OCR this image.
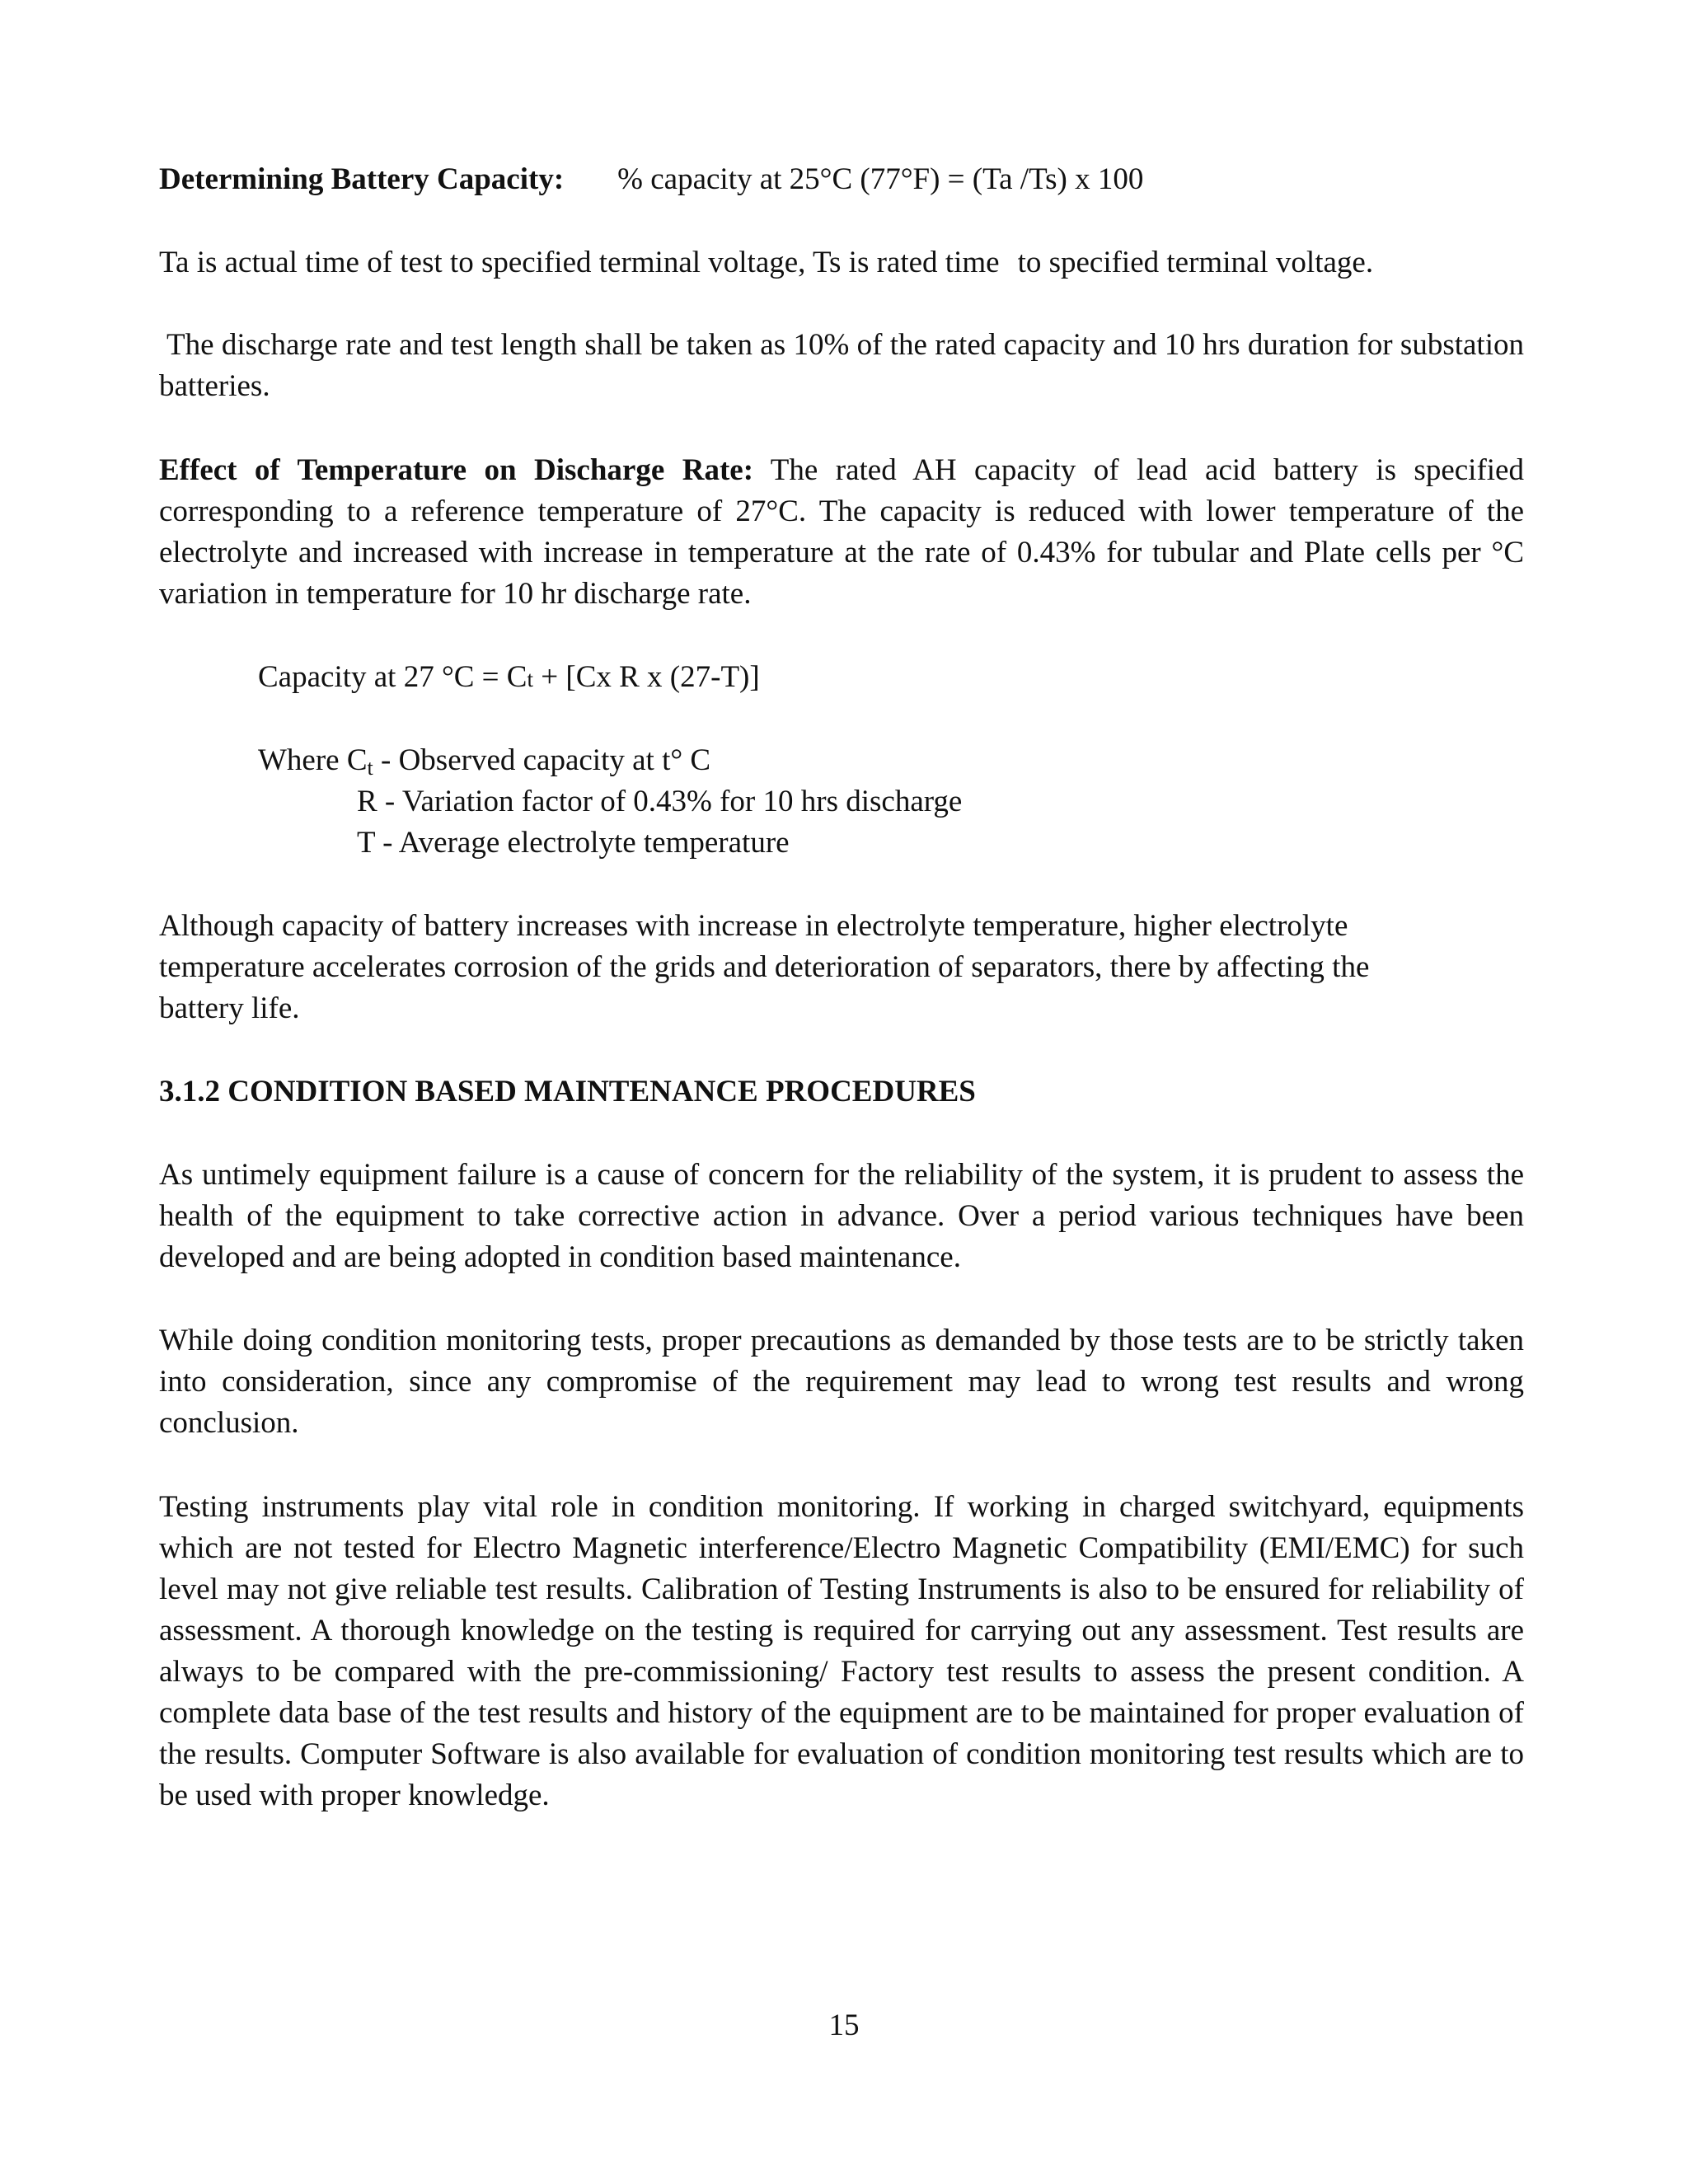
Determining Battery Capacity: % capacity at 25°C (77°F) = (Ta /Ts) x 100

Ta is actual time of test to specified terminal voltage, Ts is rated time to specified terminal voltage.

The discharge rate and test length shall be taken as 10% of the rated capacity and 10 hrs duration for substation batteries.

Effect of Temperature on Discharge Rate: The rated AH capacity of lead acid battery is specified corresponding to a reference temperature of 27°C. The capacity is reduced with lower temperature of the electrolyte and increased with increase in temperature at the rate of 0.43% for tubular and Plate cells per °C variation in temperature for 10 hr discharge rate.

Capacity at 27 °C = Ct + [Cx R x (27-T)]

Where $C_t$ - Observed capacity at t° C

R - Variation factor of 0.43% for 10 hrs discharge

T - Average electrolyte temperature

Although capacity of battery increases with increase in electrolyte temperature, higher electrolyte

temperature accelerates corrosion of the grids and deterioration of separators, there by affecting the

battery life.

3.1.2 CONDITION BASED MAINTENANCE PROCEDURES

As untimely equipment failure is a cause of concern for the reliability of the system, it is prudent to assess the health of the equipment to take corrective action in advance. Over a period various techniques have been developed and are being adopted in condition based maintenance.

While doing condition monitoring tests, proper precautions as demanded by those tests are to be strictly taken into consideration, since any compromise of the requirement may lead to wrong test results and wrong conclusion.

Testing instruments play vital role in condition monitoring. If working in charged switchyard, equipments which are not tested for Electro Magnetic interference/Electro Magnetic Compatibility (EMI/EMC) for such level may not give reliable test results. Calibration of Testing Instruments is also to be ensured for reliability of assessment. A thorough knowledge on the testing is required for carrying out any assessment. Test results are always to be compared with the pre-commissioning/ Factory test results to assess the present condition. A complete data base of the test results and history of the equipment are to be maintained for proper evaluation of the results. Computer Software is also available for evaluation of condition monitoring test results which are to be used with proper knowledge.

15
